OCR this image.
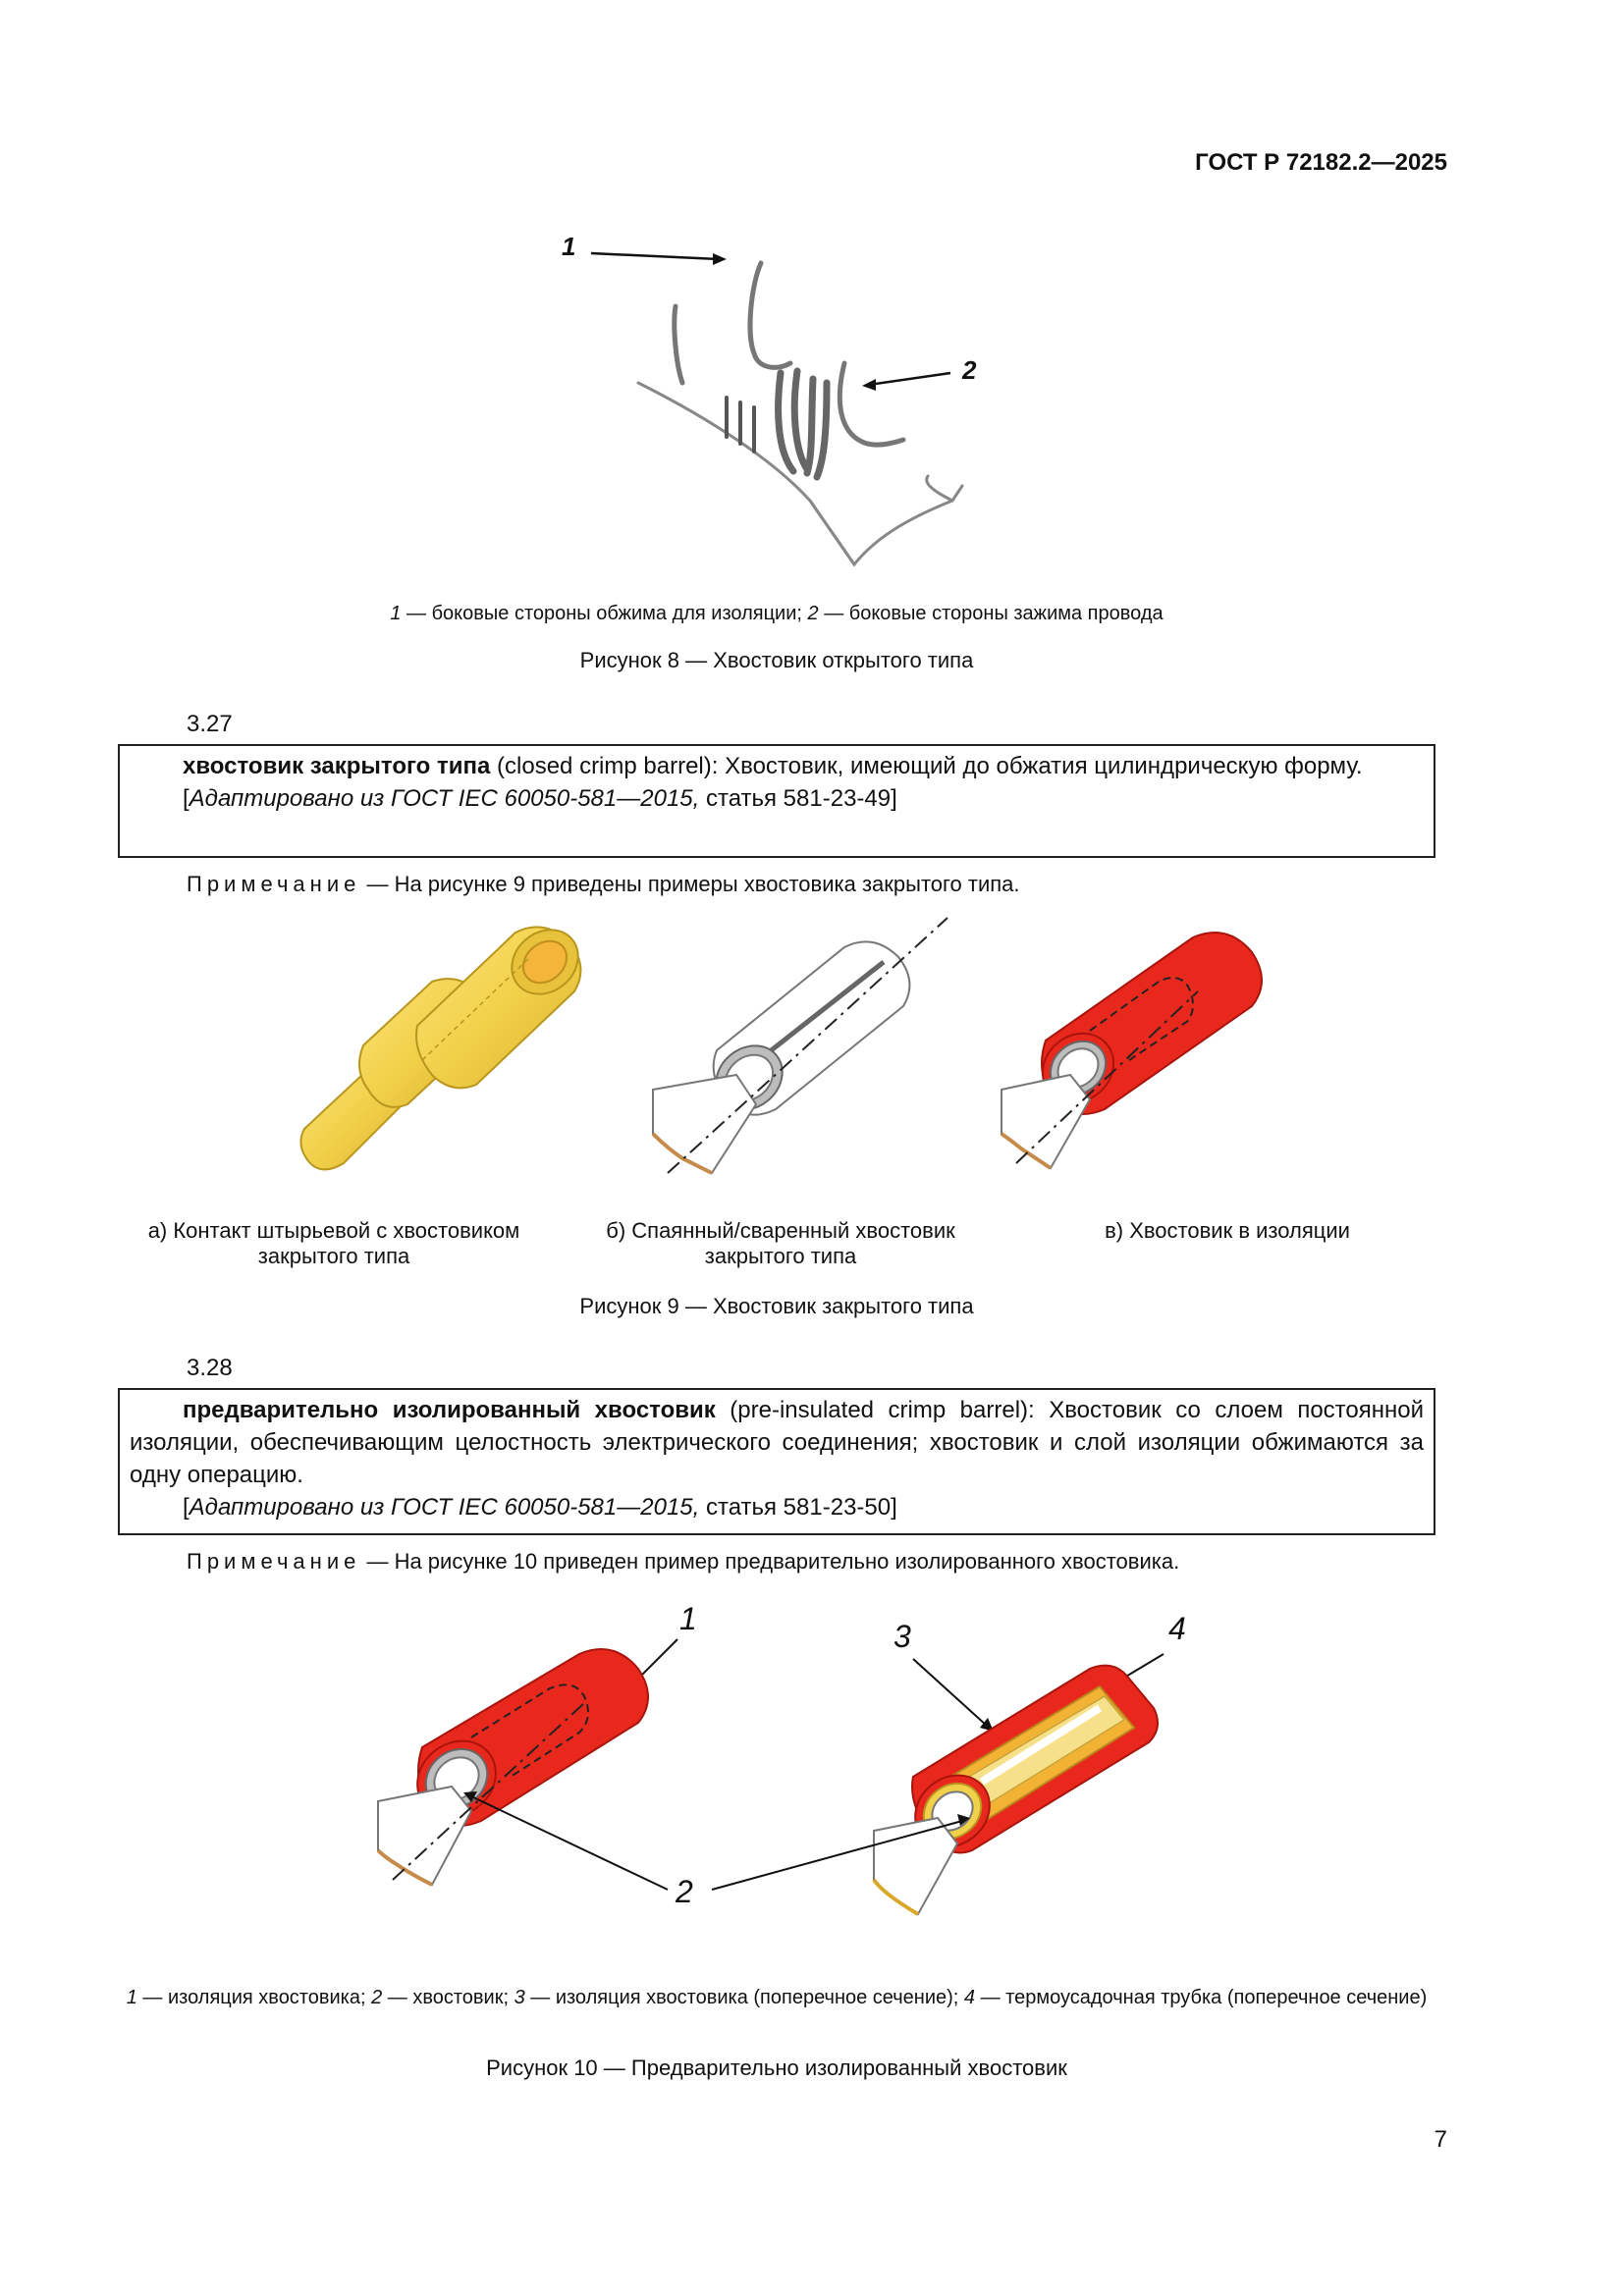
ГОСТ Р 72182.2—2025
1
2
1 — боковые стороны обжима для изоляции; 2 — боковые стороны зажима провода
Рисунок 8 — Хвостовик открытого типа
3.27
хвостовик закрытого типа (closed crimp barrel): Хвостовик, имеющий до обжатия цилиндрическую форму.
[Адаптировано из ГОСТ IEC 60050-581—2015, статья 581-23-49]
Примечание — На рисунке 9 приведены примеры хвостовика закрытого типа.
а) Контакт штырьевой с хвостовиком
закрытого типа
б) Спаянный/сваренный хвостовик
закрытого типа
в) Хвостовик в изоляции
Рисунок 9 — Хвостовик закрытого типа
3.28
предварительно изолированный хвостовик (pre-insulated crimp barrel): Хвостовик со слоем постоянной изоляции, обеспечивающим целостность электрического соединения; хвостовик и слой изоляции обжимаются за одну операцию.
[Адаптировано из ГОСТ IEC 60050-581—2015, статья 581-23-50]
Примечание — На рисунке 10 приведен пример предварительно изолированного хвостовика.
1	3	4
2
1 — изоляция хвостовика; 2 — хвостовик; 3 — изоляция хвостовика (поперечное сечение); 4 — термоусадочная трубка (поперечное сечение)
Рисунок 10 — Предварительно изолированный хвостовик
7
